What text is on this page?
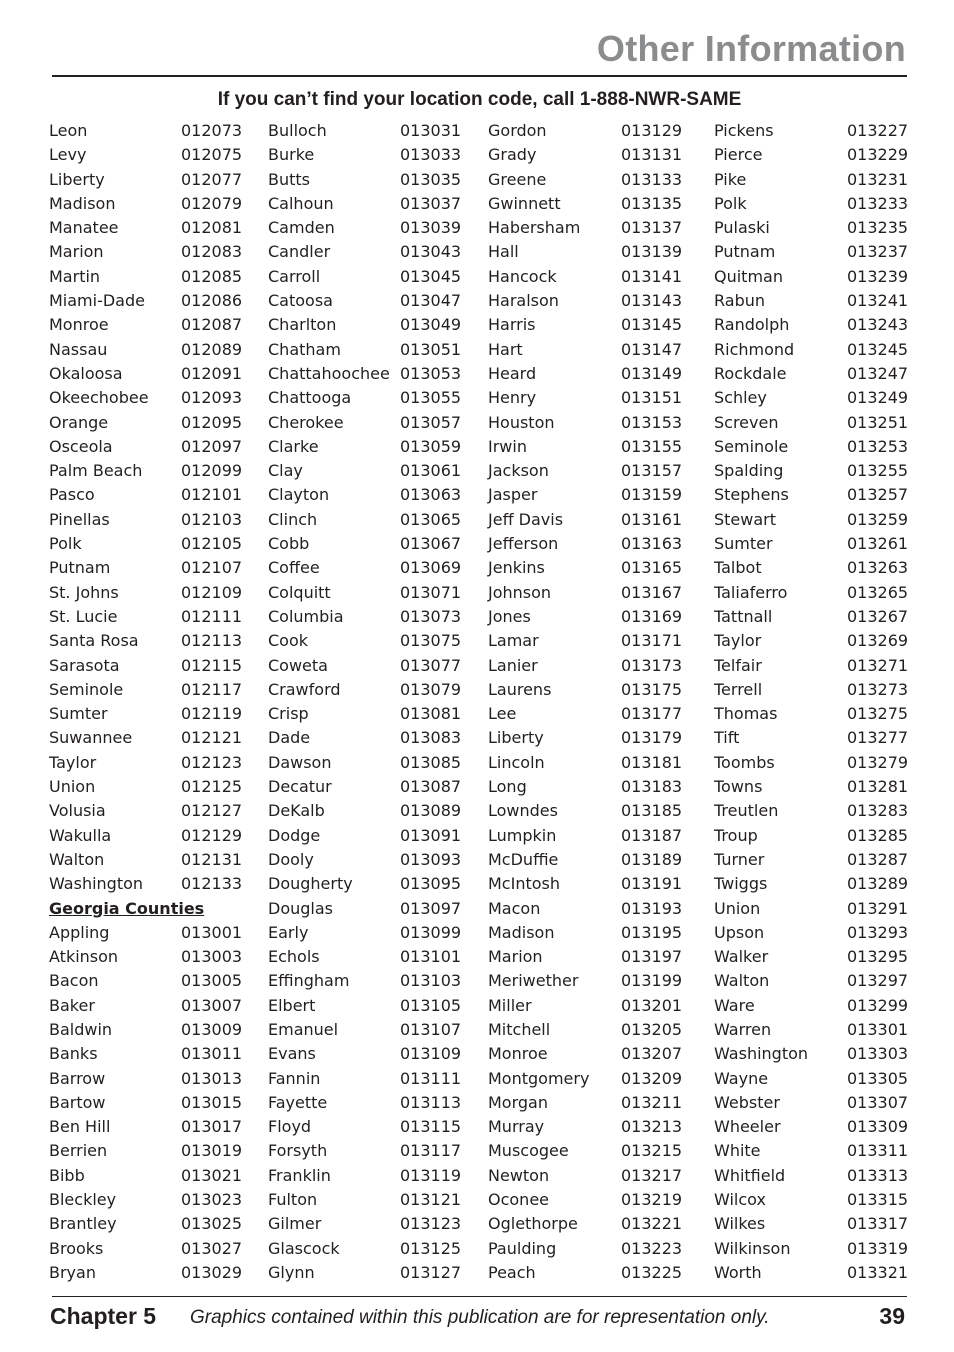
Other Information
If you can’t find your location code, call 1-888-NWR-SAME
Leon	012073
Levy	012075
Liberty	012077
Madison	012079
Manatee	012081
Marion	012083
Martin	012085
Miami-Dade 012086
Monroe	012087
Nassau	012089
Okaloosa	012091
Okeechobee 012093
Orange	012095
Osceola	012097
Palm Beach 012099
Pasco	012101
Pinellas	012103
Polk	012105
Putnam	012107
St. Johns	012109
St. Lucie	012111
Santa Rosa	012113
Sarasota	012115
Seminole	012117
Sumter	012119
Suwannee	012121
Taylor	012123
Union	012125
Volusia	012127
Wakulla	012129
Walton	012131
Washington 012133
Georgia Counties
Appling	013001
Atkinson	013003
Bacon	013005
Baker	013007
Baldwin	013009
Banks	013011
Barrow	013013
Bartow	013015
Ben Hill	013017
Berrien	013019
Bibb	013021
Bleckley	013023
Brantley	013025
Brooks	013027
Bryan	013029
Bulloch	013031
Burke	013033
Butts	013035
Calhoun	013037
Camden	013039
Candler	013043
Carroll	013045
Catoosa	013047
Charlton	013049
Chatham	013051
Chattahoochee 013053
Chattooga	013055
Cherokee	013057
Clarke	013059
Clay	013061
Clayton	013063
Clinch	013065
Cobb	013067
Coffee	013069
Colquitt	013071
Columbia	013073
Cook	013075
Coweta	013077
Crawford	013079
Crisp	013081
Dade	013083
Dawson	013085
Decatur	013087
DeKalb	013089
Dodge	013091
Dooly	013093
Dougherty	013095
Douglas	013097
Early	013099
Echols	013101
Effingham	013103
Elbert	013105
Emanuel	013107
Evans	013109
Fannin	013111
Fayette	013113
Floyd	013115
Forsyth	013117
Franklin	013119
Fulton	013121
Gilmer	013123
Glascock	013125
Glynn	013127
Gordon	013129
Grady	013131
Greene	013133
Gwinnett	013135
Habersham	013137
Hall	013139
Hancock	013141
Haralson	013143
Harris	013145
Hart	013147
Heard	013149
Henry	013151
Houston	013153
Irwin	013155
Jackson	013157
Jasper	013159
Jeff Davis	013161
Jefferson	013163
Jenkins	013165
Johnson	013167
Jones	013169
Lamar	013171
Lanier	013173
Laurens	013175
Lee	013177
Liberty	013179
Lincoln	013181
Long	013183
Lowndes	013185
Lumpkin	013187
McDuffie	013189
McIntosh	013191
Macon	013193
Madison	013195
Marion	013197
Meriwether	013199
Miller	013201
Mitchell	013205
Monroe	013207
Montgomery 013209
Morgan	013211
Murray	013213
Muscogee	013215
Newton	013217
Oconee	013219
Oglethorpe	013221
Paulding	013223
Peach	013225
Pickens	013227
Pierce	013229
Pike	013231
Polk	013233
Pulaski	013235
Putnam	013237
Quitman	013239
Rabun	013241
Randolph	013243
Richmond	013245
Rockdale	013247
Schley	013249
Screven	013251
Seminole	013253
Spalding	013255
Stephens	013257
Stewart	013259
Sumter	013261
Talbot	013263
Taliaferro	013265
Tattnall	013267
Taylor	013269
Telfair	013271
Terrell	013273
Thomas	013275
Tift	013277
Toombs	013279
Towns	013281
Treutlen	013283
Troup	013285
Turner	013287
Twiggs	013289
Union	013291
Upson	013293
Walker	013295
Walton	013297
Ware	013299
Warren	013301
Washington 013303
Wayne	013305
Webster	013307
Wheeler	013309
White	013311
Whitfield	013313
Wilcox	013315
Wilkes	013317
Wilkinson	013319
Worth	013321
Chapter 5 Graphics contained within this publication are for representation only.	39
